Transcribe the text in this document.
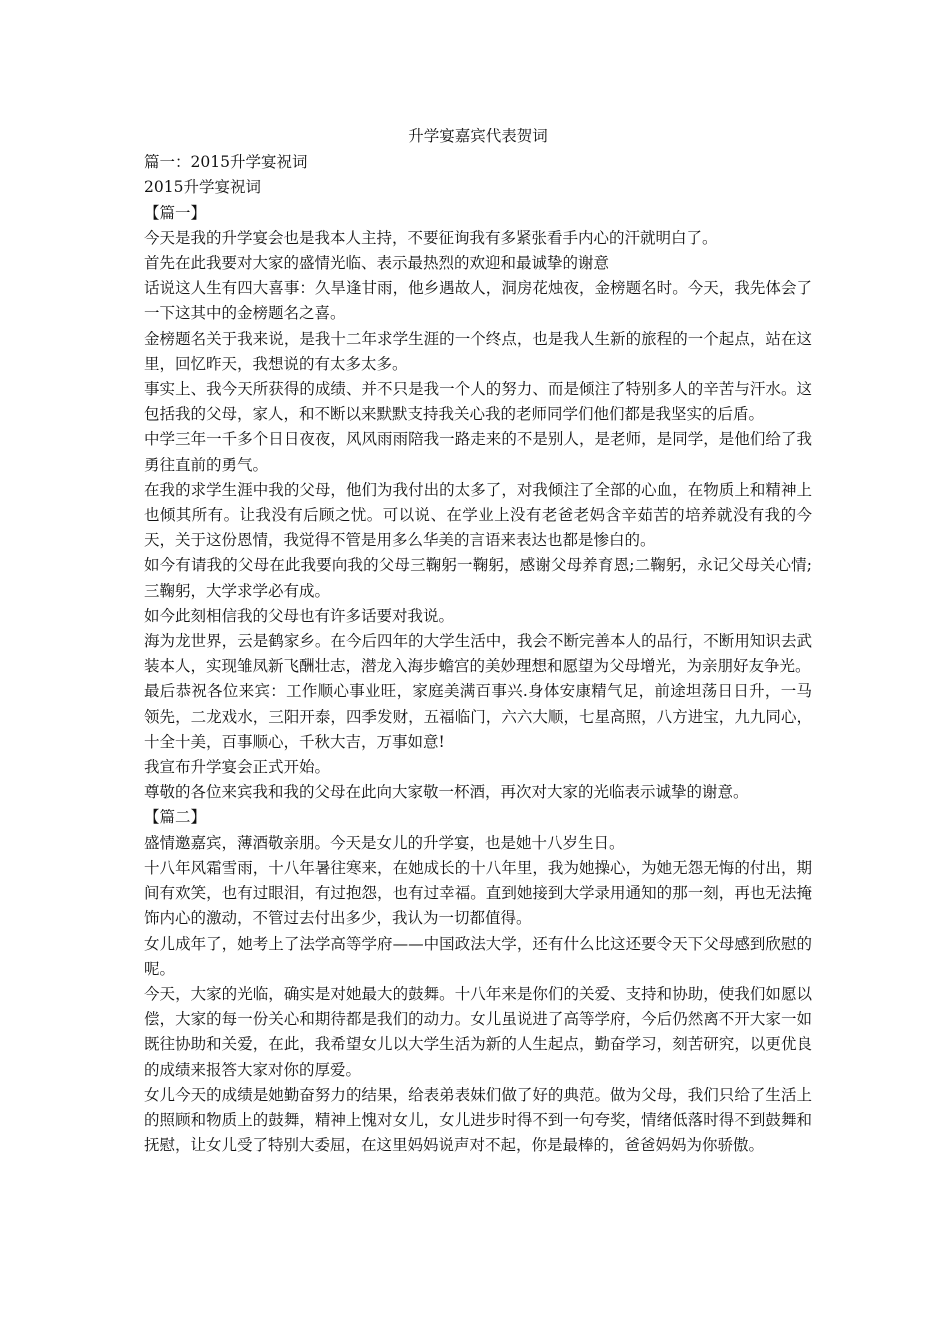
升学宴嘉宾代表贺词

篇一：2015升学宴祝词

2015升学宴祝词

【篇一】

今天是我的升学宴会也是我本人主持，不要征询我有多紧张看手内心的汗就明白了。

首先在此我要对大家的盛情光临、表示最热烈的欢迎和最诚挚的谢意

话说这人生有四大喜事：久旱逢甘雨，他乡遇故人，洞房花烛夜，金榜题名时。今天，我先体会了一下这其中的金榜题名之喜。

金榜题名关于我来说，是我十二年求学生涯的一个终点，也是我人生新的旅程的一个起点，站在这里，回忆昨天，我想说的有太多太多。

事实上、我今天所获得的成绩、并不只是我一个人的努力、而是倾注了特别多人的辛苦与汗水。这包括我的父母，家人，和不断以来默默支持我关心我的老师同学们他们都是我坚实的后盾。

中学三年一千多个日日夜夜，风风雨雨陪我一路走来的不是别人，是老师，是同学，是他们给了我勇往直前的勇气。

在我的求学生涯中我的父母，他们为我付出的太多了，对我倾注了全部的心血，在物质上和精神上也倾其所有。让我没有后顾之忧。可以说、在学业上没有老爸老妈含辛茹苦的培养就没有我的今天，关于这份恩情，我觉得不管是用多么华美的言语来表达也都是惨白的。

如今有请我的父母在此我要向我的父母三鞠躬一鞠躬，感谢父母养育恩;二鞠躬，永记父母关心情;三鞠躬，大学求学必有成。

如今此刻相信我的父母也有许多话要对我说。

海为龙世界，云是鹤家乡。在今后四年的大学生活中，我会不断完善本人的品行，不断用知识去武装本人，实现雏凤新飞酬壮志，潜龙入海步蟾宫的美妙理想和愿望为父母增光，为亲朋好友争光。

最后恭祝各位来宾：工作顺心事业旺，家庭美满百事兴.身体安康精气足，前途坦荡日日升，一马领先，二龙戏水，三阳开泰，四季发财，五福临门，六六大顺，七星高照，八方进宝，九九同心，十全十美，百事顺心，千秋大吉，万事如意!

我宣布升学宴会正式开始。

尊敬的各位来宾我和我的父母在此向大家敬一杯酒，再次对大家的光临表示诚挚的谢意。

【篇二】

盛情邀嘉宾，薄酒敬亲朋。今天是女儿的升学宴，也是她十八岁生日。

十八年风霜雪雨，十八年暑往寒来，在她成长的十八年里，我为她操心，为她无怨无悔的付出，期间有欢笑，也有过眼泪，有过抱怨，也有过幸福。直到她接到大学录用通知的那一刻，再也无法掩饰内心的激动，不管过去付出多少，我认为一切都值得。

女儿成年了，她考上了法学高等学府——中国政法大学，还有什么比这还要令天下父母感到欣慰的呢。

今天，大家的光临，确实是对她最大的鼓舞。十八年来是你们的关爱、支持和协助，使我们如愿以偿，大家的每一份关心和期待都是我们的动力。女儿虽说进了高等学府，今后仍然离不开大家一如既往协助和关爱，在此，我希望女儿以大学生活为新的人生起点，勤奋学习，刻苦研究，以更优良的成绩来报答大家对你的厚爱。

女儿今天的成绩是她勤奋努力的结果，给表弟表妹们做了好的典范。做为父母，我们只给了生活上的照顾和物质上的鼓舞，精神上愧对女儿，女儿进步时得不到一句夸奖，情绪低落时得不到鼓舞和抚慰，让女儿受了特别大委屈，在这里妈妈说声对不起，你是最棒的，爸爸妈妈为你骄傲。
